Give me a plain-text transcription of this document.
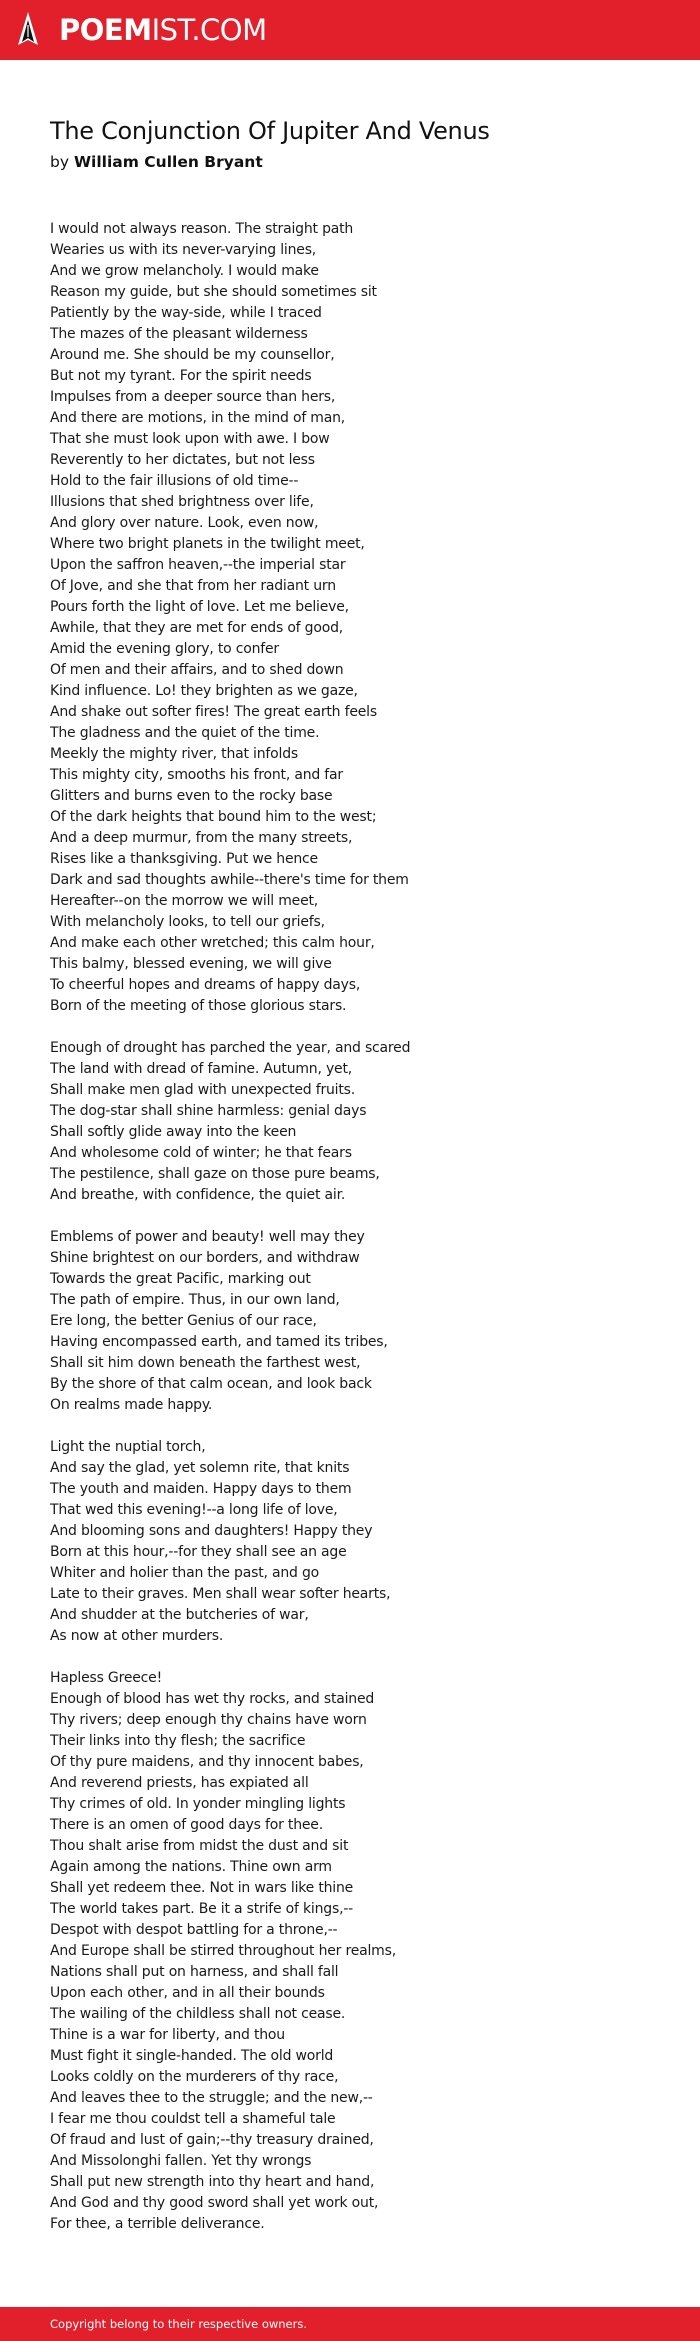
POEMIST.COM
The Conjunction Of Jupiter And Venus
by William Cullen Bryant
I would not always reason. The straight path
Wearies us with its never-varying lines,
And we grow melancholy. I would make
Reason my guide, but she should sometimes sit
Patiently by the way-side, while I traced
The mazes of the pleasant wilderness
Around me. She should be my counsellor,
But not my tyrant. For the spirit needs
Impulses from a deeper source than hers,
And there are motions, in the mind of man,
That she must look upon with awe. I bow
Reverently to her dictates, but not less
Hold to the fair illusions of old time--
Illusions that shed brightness over life,
And glory over nature. Look, even now,
Where two bright planets in the twilight meet,
Upon the saffron heaven,--the imperial star
Of Jove, and she that from her radiant urn
Pours forth the light of love. Let me believe,
Awhile, that they are met for ends of good,
Amid the evening glory, to confer
Of men and their affairs, and to shed down
Kind influence. Lo! they brighten as we gaze,
And shake out softer fires! The great earth feels
The gladness and the quiet of the time.
Meekly the mighty river, that infolds
This mighty city, smooths his front, and far
Glitters and burns even to the rocky base
Of the dark heights that bound him to the west;
And a deep murmur, from the many streets,
Rises like a thanksgiving. Put we hence
Dark and sad thoughts awhile--there's time for them
Hereafter--on the morrow we will meet,
With melancholy looks, to tell our griefs,
And make each other wretched; this calm hour,
This balmy, blessed evening, we will give
To cheerful hopes and dreams of happy days,
Born of the meeting of those glorious stars.
Enough of drought has parched the year, and scared
The land with dread of famine. Autumn, yet,
Shall make men glad with unexpected fruits.
The dog-star shall shine harmless: genial days
Shall softly glide away into the keen
And wholesome cold of winter; he that fears
The pestilence, shall gaze on those pure beams,
And breathe, with confidence, the quiet air.
Emblems of power and beauty! well may they
Shine brightest on our borders, and withdraw
Towards the great Pacific, marking out
The path of empire. Thus, in our own land,
Ere long, the better Genius of our race,
Having encompassed earth, and tamed its tribes,
Shall sit him down beneath the farthest west,
By the shore of that calm ocean, and look back
On realms made happy.
Light the nuptial torch,
And say the glad, yet solemn rite, that knits
The youth and maiden. Happy days to them
That wed this evening!--a long life of love,
And blooming sons and daughters! Happy they
Born at this hour,--for they shall see an age
Whiter and holier than the past, and go
Late to their graves. Men shall wear softer hearts,
And shudder at the butcheries of war,
As now at other murders.
Hapless Greece!
Enough of blood has wet thy rocks, and stained
Thy rivers; deep enough thy chains have worn
Their links into thy flesh; the sacrifice
Of thy pure maidens, and thy innocent babes,
And reverend priests, has expiated all
Thy crimes of old. In yonder mingling lights
There is an omen of good days for thee.
Thou shalt arise from midst the dust and sit
Again among the nations. Thine own arm
Shall yet redeem thee. Not in wars like thine
The world takes part. Be it a strife of kings,--
Despot with despot battling for a throne,--
And Europe shall be stirred throughout her realms,
Nations shall put on harness, and shall fall
Upon each other, and in all their bounds
The wailing of the childless shall not cease.
Thine is a war for liberty, and thou
Must fight it single-handed. The old world
Looks coldly on the murderers of thy race,
And leaves thee to the struggle; and the new,--
I fear me thou couldst tell a shameful tale
Of fraud and lust of gain;--thy treasury drained,
And Missolonghi fallen. Yet thy wrongs
Shall put new strength into thy heart and hand,
And God and thy good sword shall yet work out,
For thee, a terrible deliverance.
Copyright belong to their respective owners.
